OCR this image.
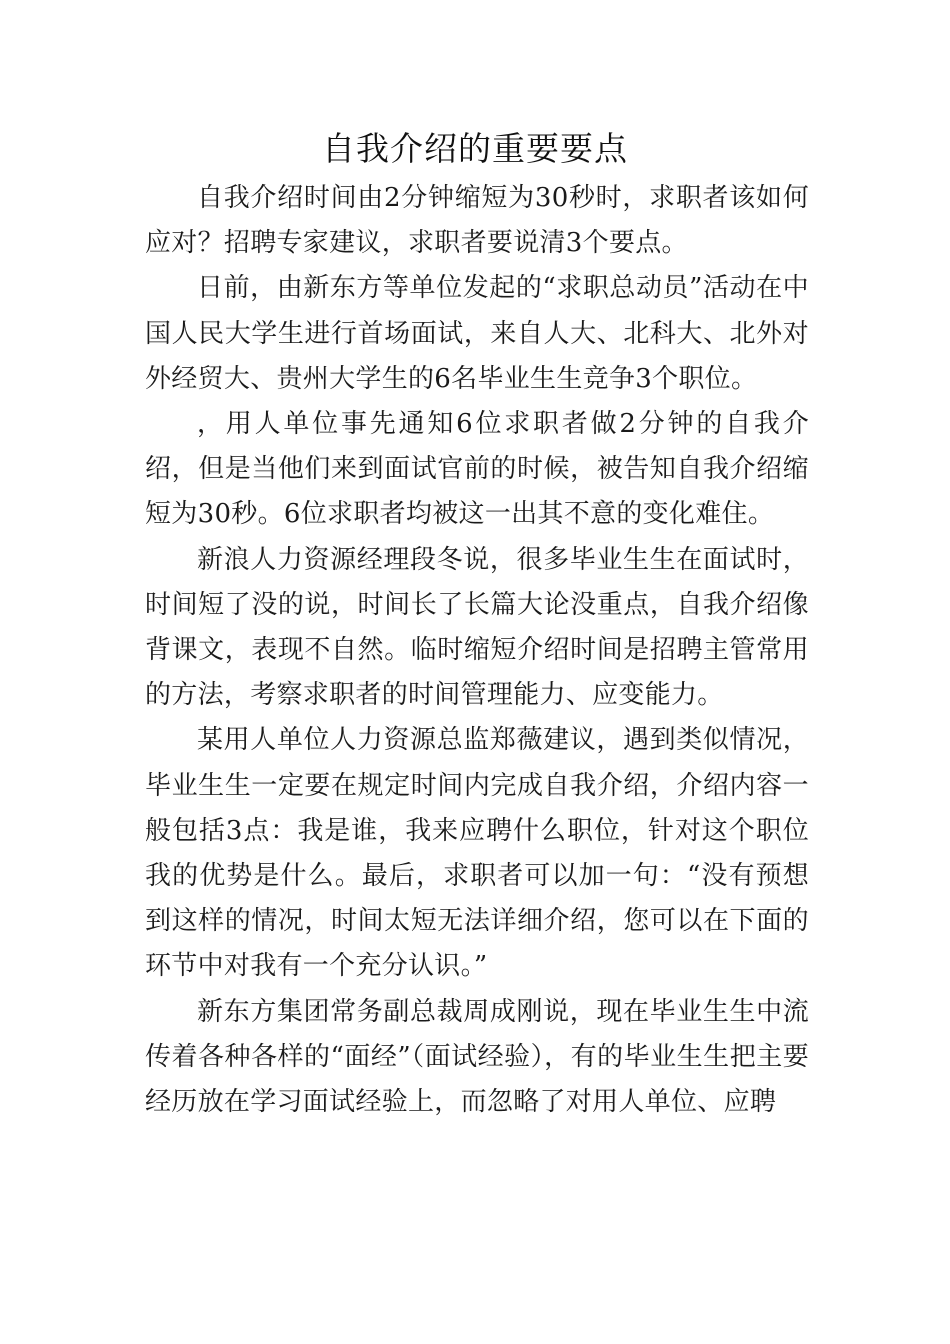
自我介绍的重要要点

自我介绍时间由2分钟缩短为30秒时，求职者该如何应对？招聘专家建议，求职者要说清3个要点。

日前，由新东方等单位发起的“求职总动员”活动在中国人民大学生进行首场面试，来自人大、北科大、北外对外经贸大、贵州大学生的6名毕业生生竞争3个职位。

，用人单位事先通知6位求职者做2分钟的自我介绍，但是当他们来到面试官前的时候，被告知自我介绍缩短为30秒。6位求职者均被这一出其不意的变化难住。

新浪人力资源经理段冬说，很多毕业生生在面试时，时间短了没的说，时间长了长篇大论没重点，自我介绍像背课文，表现不自然。临时缩短介绍时间是招聘主管常用的方法，考察求职者的时间管理能力、应变能力。

某用人单位人力资源总监郑薇建议，遇到类似情况，毕业生生一定要在规定时间内完成自我介绍，介绍内容一般包括3点：我是谁，我来应聘什么职位，针对这个职位我的优势是什么。最后，求职者可以加一句：“没有预想到这样的情况，时间太短无法详细介绍，您可以在下面的环节中对我有一个充分认识。”

新东方集团常务副总裁周成刚说，现在毕业生生中流传着各种各样的“面经”（面试经验），有的毕业生生把主要经历放在学习面试经验上，而忽略了对用人单位、应聘
